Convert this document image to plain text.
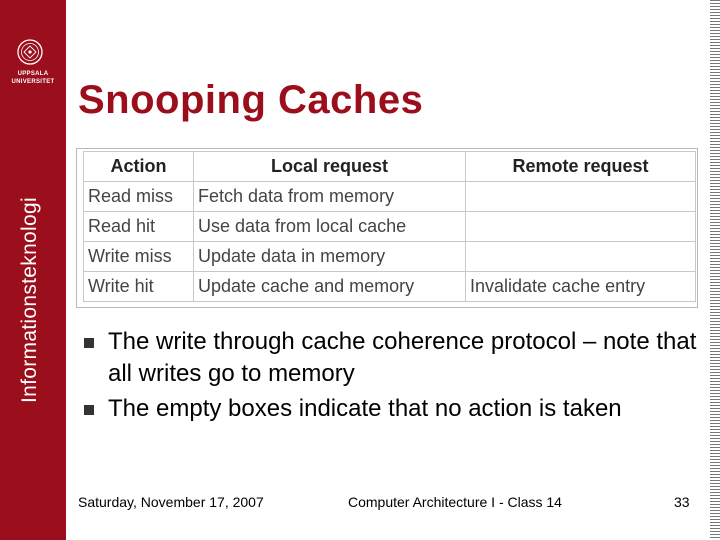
UPPSALA
UNIVERSITET
Informationsteknologi
Snooping Caches
Action	Local request	Remote request
Read miss	Fetch data from memory	
Read hit	Use data from local cache	
Write miss	Update data in memory	
Write hit	Update cache and memory	Invalidate cache entry
The write through cache coherence protocol – note that all writes go to memory
The empty boxes indicate that no action is taken
Saturday, November 17, 2007	Computer Architecture I - Class 14	33
